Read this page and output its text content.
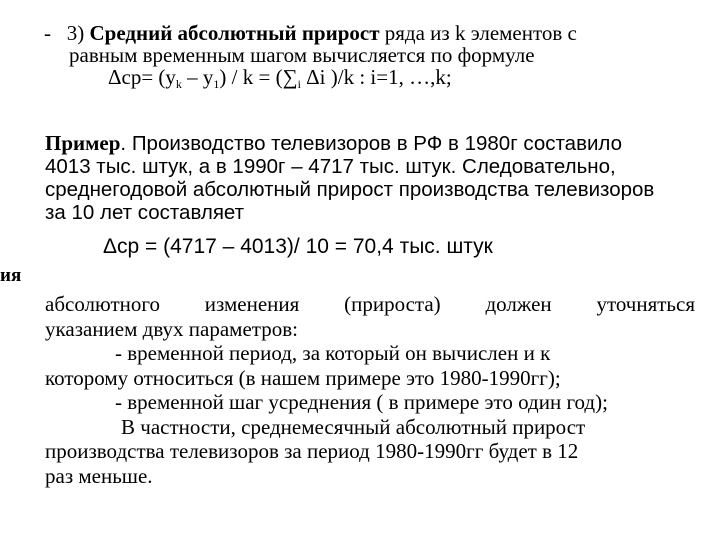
- 3) Средний абсолютный прирост ряда из k элементов с
равным временным шагом вычисляется по формуле
$\Delta ср= (y_k - y_1) / k = (\sum_i$ Δi )/k : i=1, …,k;
Пример. Производство телевизоров в РФ в 1980г составило
4013 тыс. штук, а в 1990г – 4717 тыс. штук. Следовательно,
среднегодовой абсолютный прирост производства телевизоров
за 10 лет составляет
Δср = (4717 – 4013)/ 10 = 70,4 тыс. штук
ия
абсолютного изменения (прироста) должен уточняться
указанием двух параметров:
- временной период, за который он вычислен и к
которому относиться (в нашем примере это 1980-1990гг);
- временной шаг усреднения ( в примере это один год);
В частности, среднемесячный абсолютный прирост
производства телевизоров за период 1980-1990гг будет в 12
раз меньше.
